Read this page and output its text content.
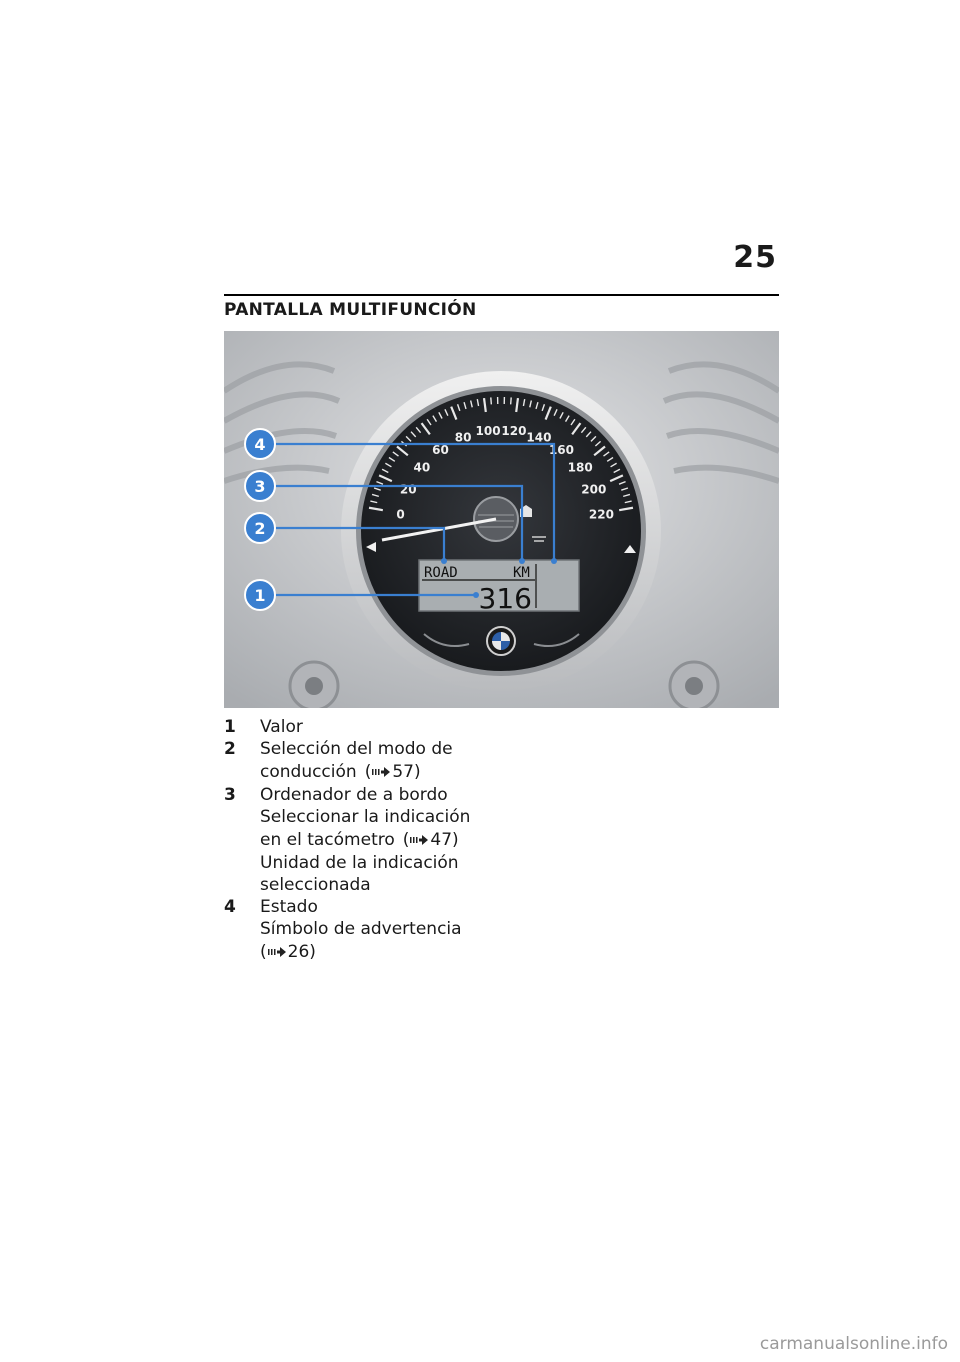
25
PANTALLA MULTIFUNCIÓN
0
20
40
60
80 100 120 140
160
180
200
220
ROAD	KM
316
4
3
2
1
1	Valor
2	Selección del modo de
conducción ( 57)
3	Ordenador de a bordo
Seleccionar la indicación
en el tacómetro ( 47)
Unidad de la indicación
seleccionada
4	Estado
Símbolo de advertencia
( 26)
carmanualsonline.info
